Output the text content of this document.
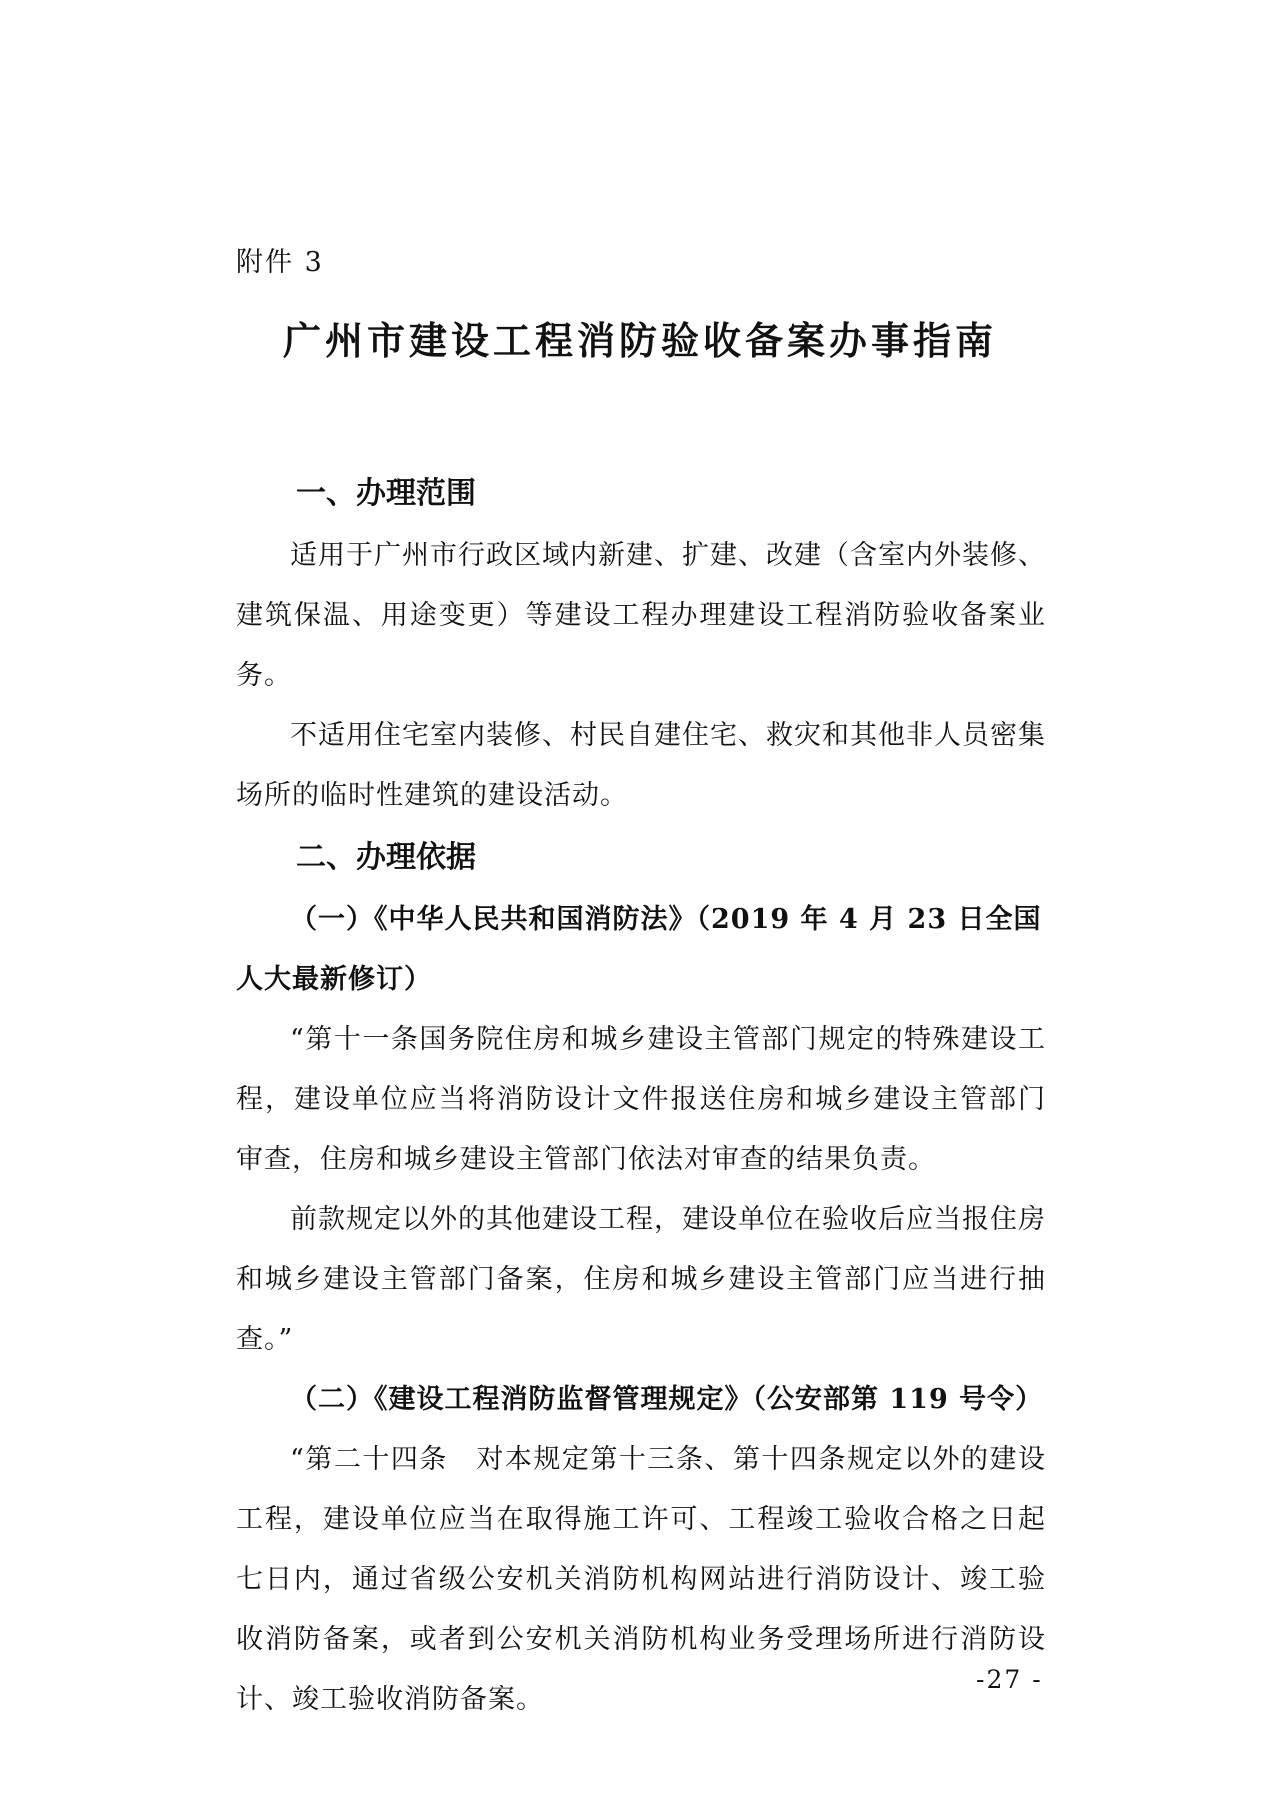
附件 3
广州市建设工程消防验收备案办事指南

一、办理范围

适用于广州市行政区域内新建、扩建、改建（含室内外装修、建筑保温、用途变更）等建设工程办理建设工程消防验收备案业务。

不适用住宅室内装修、村民自建住宅、救灾和其他非人员密集场所的临时性建筑的建设活动。

二、办理依据

（一）《中华人民共和国消防法》（2019 年 4 月 23 日全国人大最新修订）

“第十一条国务院住房和城乡建设主管部门规定的特殊建设工程，建设单位应当将消防设计文件报送住房和城乡建设主管部门审查，住房和城乡建设主管部门依法对审查的结果负责。

前款规定以外的其他建设工程，建设单位在验收后应当报住房和城乡建设主管部门备案，住房和城乡建设主管部门应当进行抽查。”

（二）《建设工程消防监督管理规定》（公安部第 119 号令）

“第二十四条　对本规定第十三条、第十四条规定以外的建设工程，建设单位应当在取得施工许可、工程竣工验收合格之日起七日内，通过省级公安机关消防机构网站进行消防设计、竣工验收消防备案，或者到公安机关消防机构业务受理场所进行消防设计、竣工验收消防备案。

-27 -
